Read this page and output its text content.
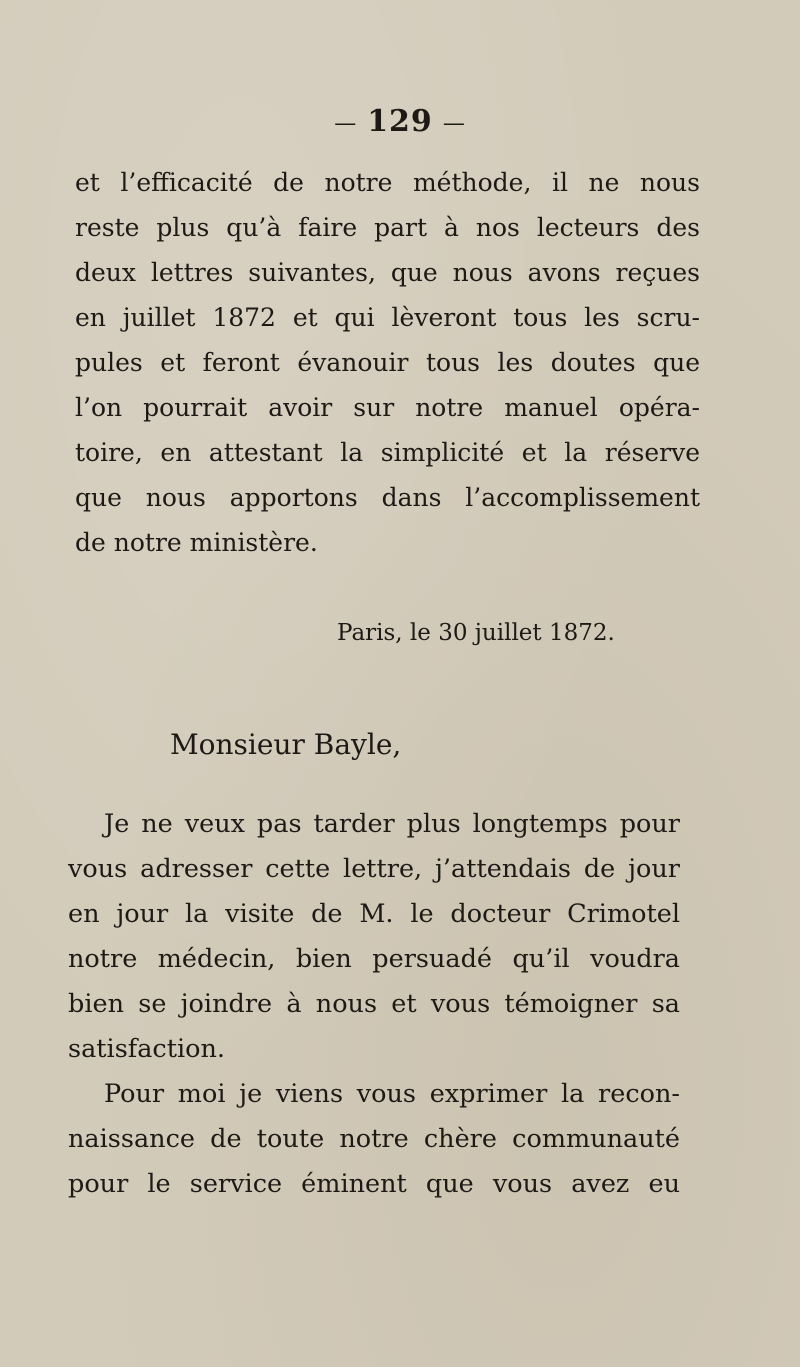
— 129 —
et l’efficacité de notre méthode, il ne nous
reste plus qu’à faire part à nos lecteurs des
deux lettres suivantes, que nous avons reçues
en juillet 1872 et qui lèveront tous les scru-
pules et feront évanouir tous les doutes que
l’on pourrait avoir sur notre manuel opéra-
toire, en attestant la simplicité et la réserve
que nous apportons dans l’accomplissement
de notre ministère.
Paris, le 30 juillet 1872.
Monsieur Bayle,
Je ne veux pas tarder plus longtemps pour
vous adresser cette lettre, j’attendais de jour
en jour la visite de M. le docteur Crimotel
notre médecin, bien persuadé qu’il voudra
bien se joindre à nous et vous témoigner sa
satisfaction.
Pour moi je viens vous exprimer la recon-
naissance de toute notre chère communauté
pour le service éminent que vous avez eu
